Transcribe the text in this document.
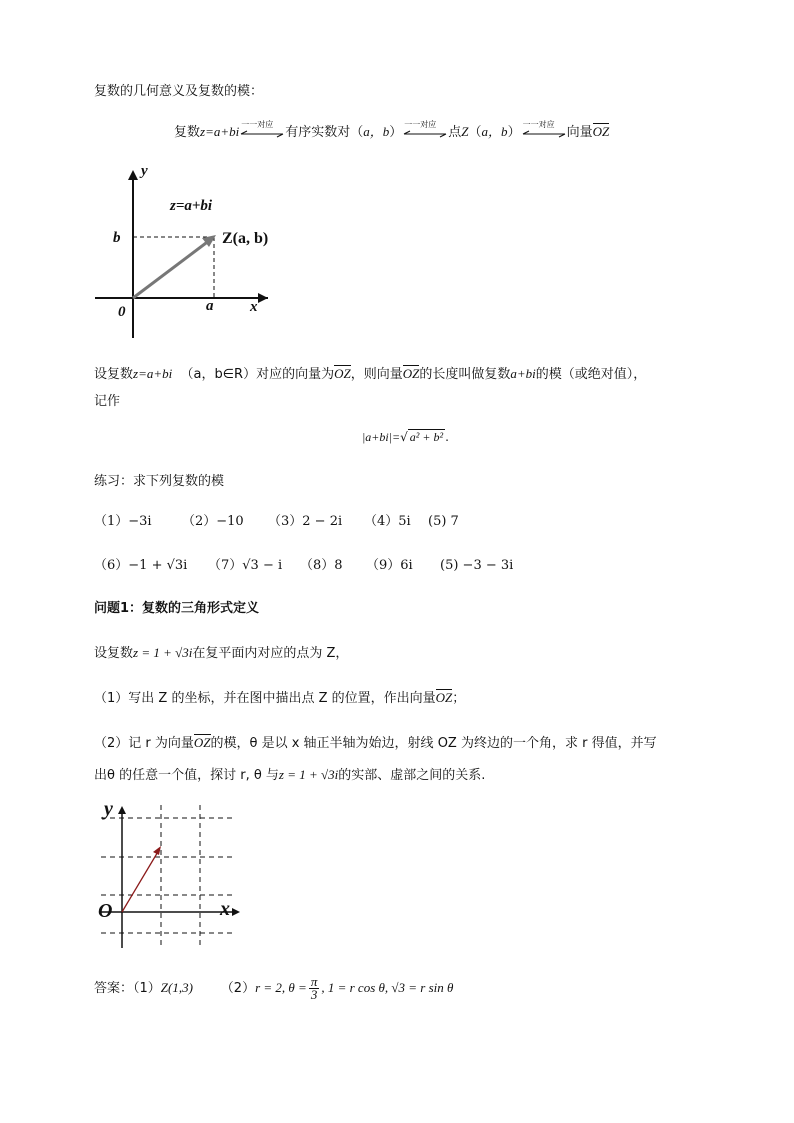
复数的几何意义及复数的模：
复数z=a+bi 一一对应
有序实数对（a，b）
一一对应
点Z（a，b）
一一对应
向量OZ
y
x
0	a
b
z=a+bi
Z(a, b)
设复数z=a+bi （a，b∈R）对应的向量为OZ，则向量OZ的长度叫做复数a+bi的模（或绝对值），
记作
|a+bi|=√ a² + b² .
练习：求下列复数的模
（1）−3i （2）−10 （3）2 − 2i （4）5i (5) 7
（6）−1 + √3i （7）√3 − i （8）8 （9）6i (5) −3 − 3i
问题1：复数的三角形式定义
设复数z = 1 + √3i在复平面内对应的点为 Z，
（1）写出 Z 的坐标，并在图中描出点 Z 的位置，作出向量OZ；
（2）记 r 为向量OZ的模，θ 是以 x 轴正半轴为始边，射线 OZ 为终边的一个角，求 r 得值，并写
出θ 的任意一个值，探讨 r, θ 与z = 1 + √3i的实部、虚部之间的关系.
y
x
O
答案：（1）Z(1,3) （2）r = 2, $\theta = \frac{\pi}{3}$ , 1 = r cos θ, √3 = r sin θ
